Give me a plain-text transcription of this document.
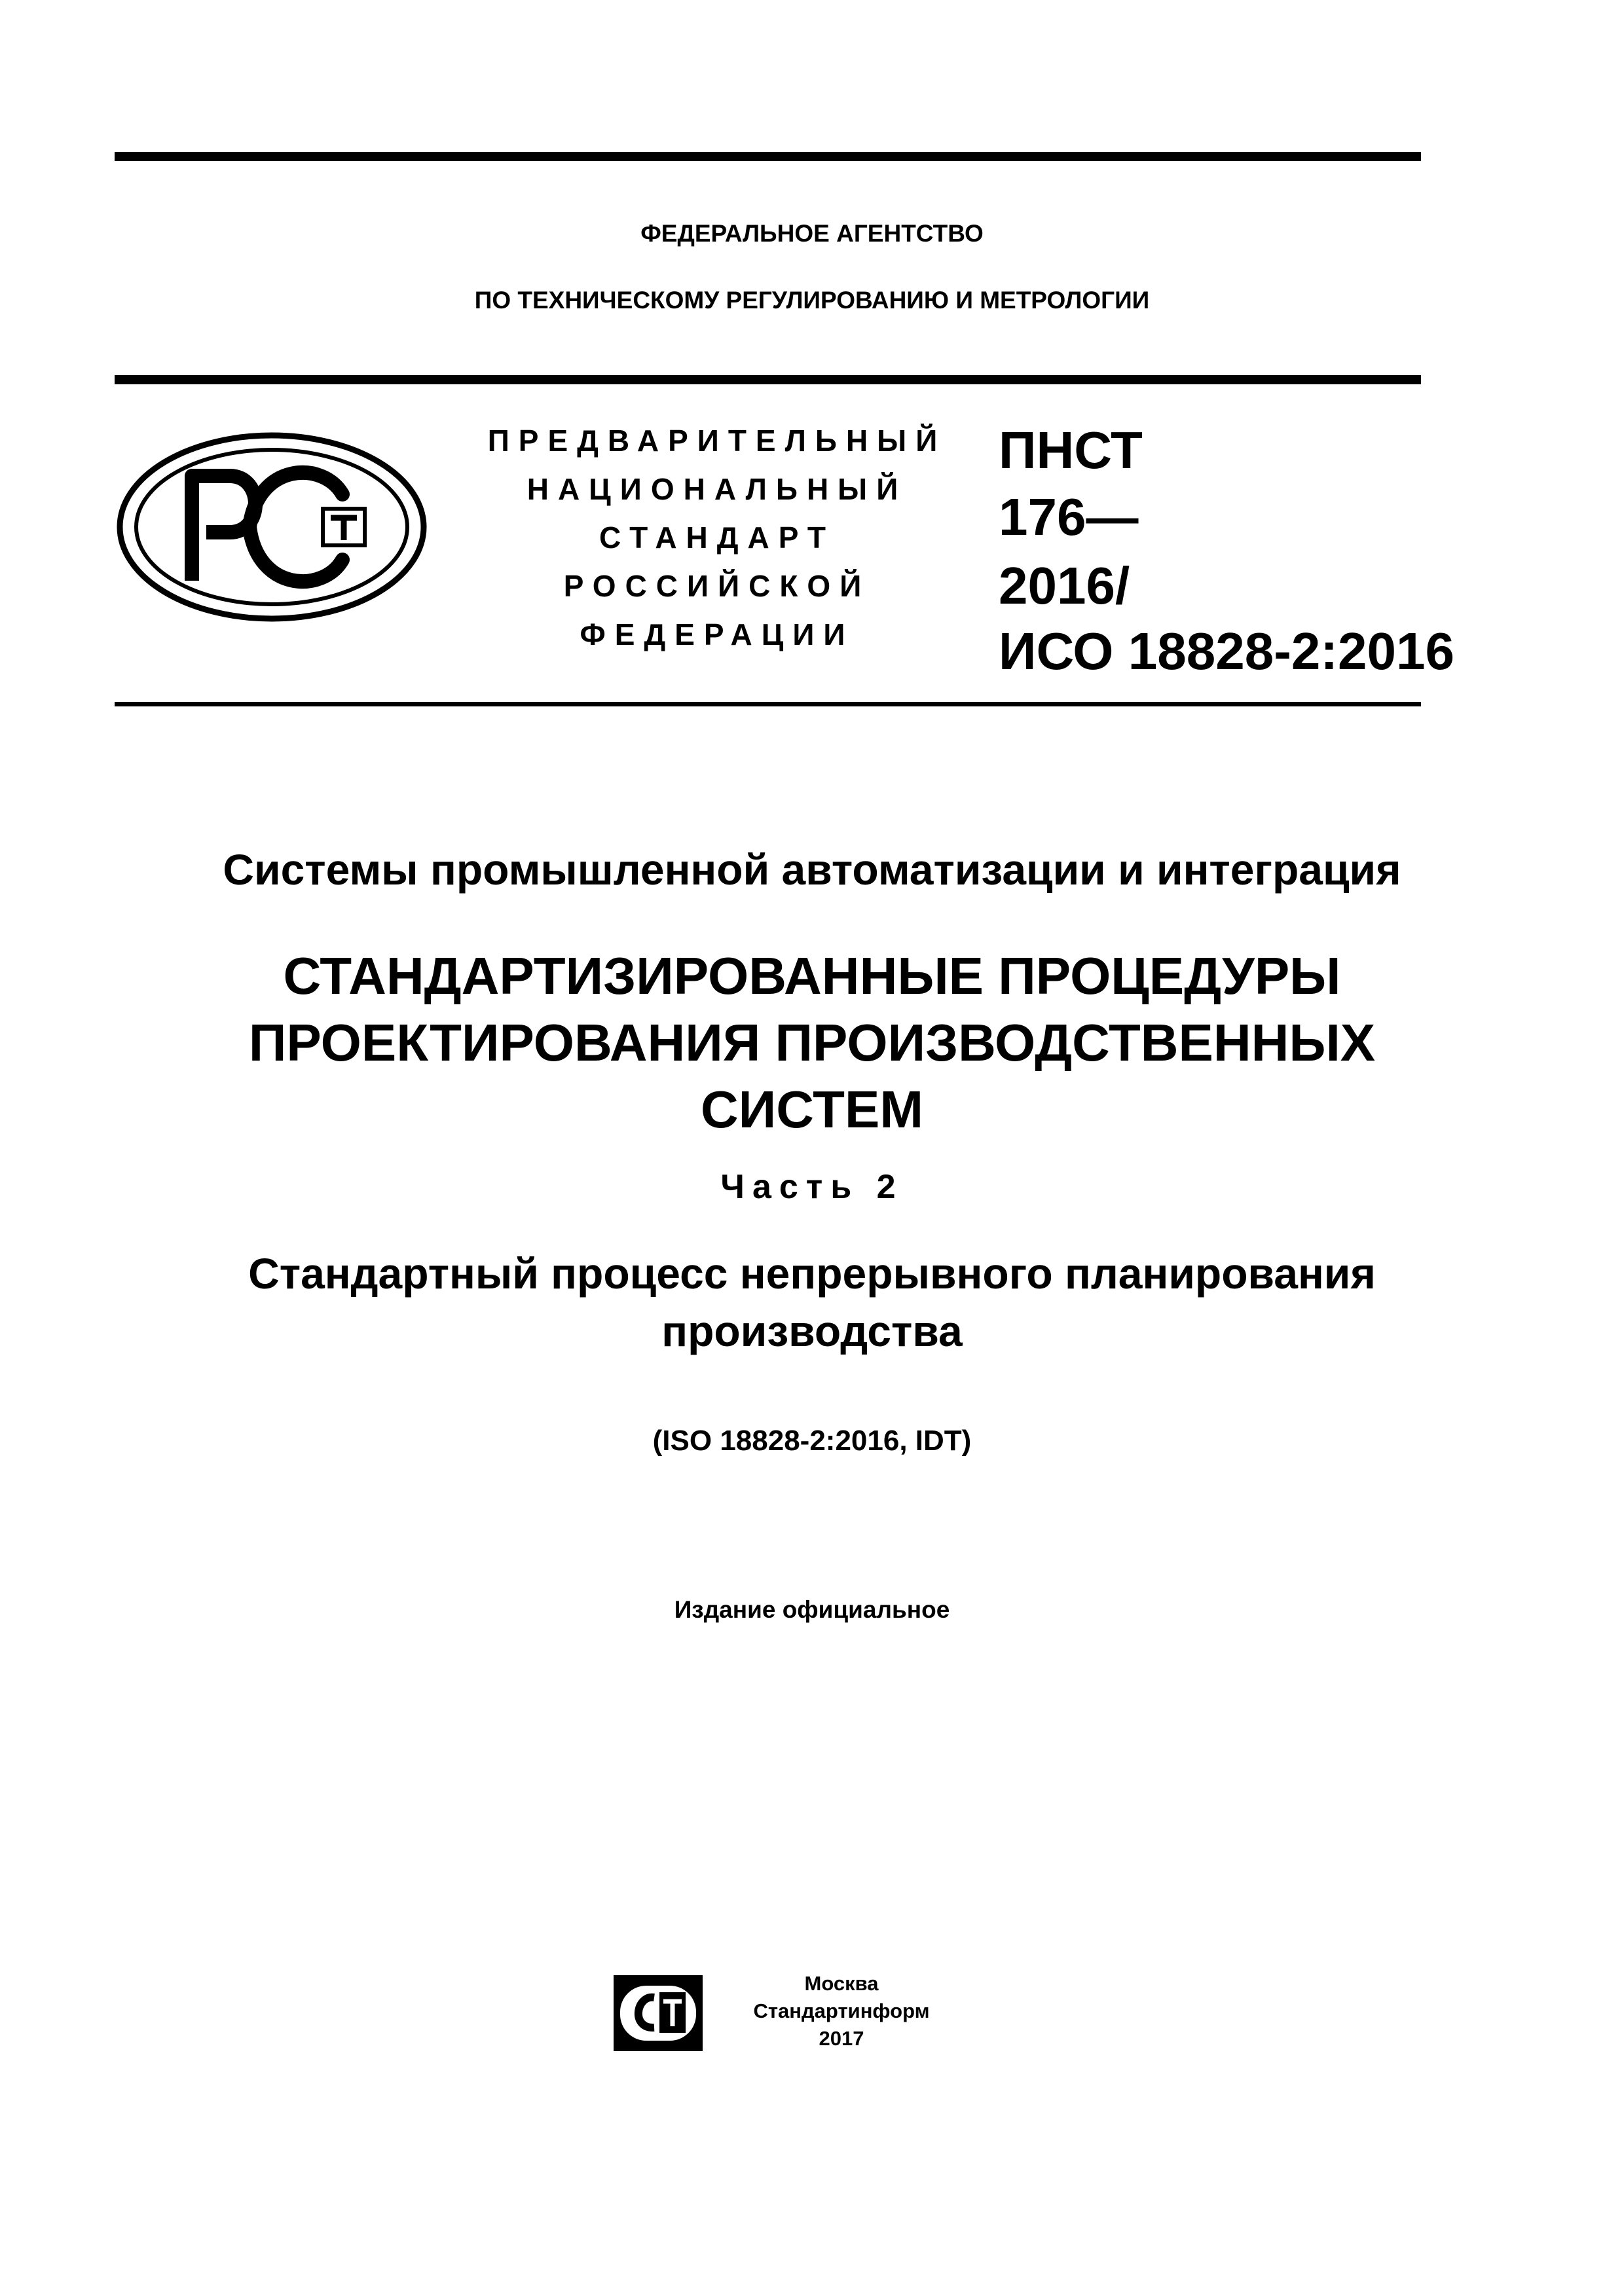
ФЕДЕРАЛЬНОЕ АГЕНТСТВО
ПО ТЕХНИЧЕСКОМУ РЕГУЛИРОВАНИЮ И МЕТРОЛОГИИ
ПРЕДВАРИТЕЛЬНЫЙ
НАЦИОНАЛЬНЫЙ
СТАНДАРТ
РОССИЙСКОЙ
ФЕДЕРАЦИИ
ПНСТ
176—
2016/
ИСО 18828-2:2016
Системы промышленной автоматизации и интеграция
СТАНДАРТИЗИРОВАННЫЕ ПРОЦЕДУРЫ
ПРОЕКТИРОВАНИЯ ПРОИЗВОДСТВЕННЫХ
СИСТЕМ
Часть 2
Стандартный процесс непрерывного планирования
производства
(ISO 18828-2:2016, IDT)
Издание официальное
Москва
Стандартинформ
2017
